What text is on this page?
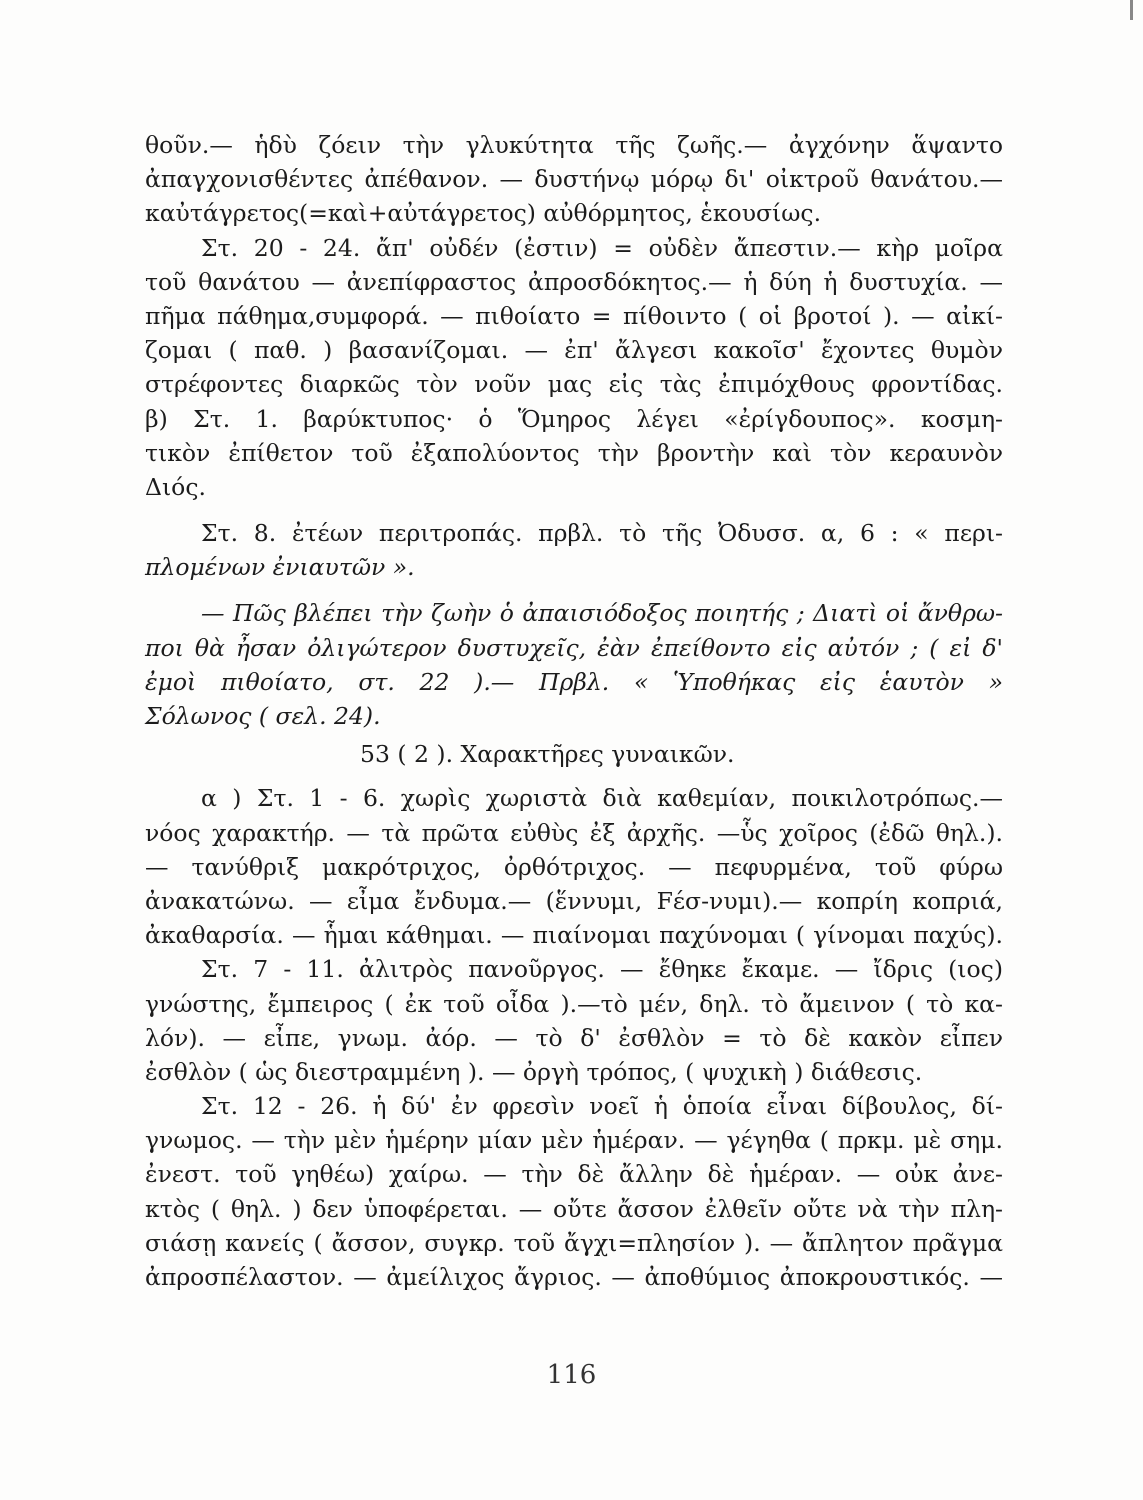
θοῦν.— ἡδὺ ζόειν τὴν γλυκύτητα τῆς ζωῆς.— ἀγχόνην ἅψαντο
ἀπαγχονισθέντες ἀπέθανον. — δυστήνῳ μόρῳ δι' οἰκτροῦ θανάτου.—
καὐτάγρετος(=καὶ+αὐτάγρετος) αὐθόρμητος, ἑκουσίως.
Στ. 20 - 24. ἄπ' οὐδέν (ἐστιν) = οὐδὲν ἄπεστιν.— κὴρ μοῖρα
τοῦ θανάτου — ἀνεπίφραστος ἀπροσδόκητος.— ἡ δύη ἡ δυστυχία. —
πῆμα πάθημα,συμφορά. — πιθοίατο = πίθοιντο ( οἱ βροτοί ). — αἰκί-
ζομαι ( παθ. ) βασανίζομαι. — ἐπ' ἄλγεσι κακοῖσ' ἔχοντες θυμὸν
στρέφοντες διαρκῶς τὸν νοῦν μας εἰς τὰς ἐπιμόχθους φροντίδας.
β) Στ. 1. βαρύκτυπος· ὁ Ὅμηρος λέγει «ἐρίγδουπος». κοσμη-
τικὸν ἐπίθετον τοῦ ἐξαπολύοντος τὴν βροντὴν καὶ τὸν κεραυνὸν
Διός.
Στ. 8. ἐτέων περιτροπάς. πρβλ. τὸ τῆς Ὀδυσσ. α, 6 : « περι-
πλομένων ἐνιαυτῶν ».
— Πῶς βλέπει τὴν ζωὴν ὁ ἀπαισιόδοξος ποιητής ; Διατὶ οἱ ἄνθρω-
ποι θὰ ἦσαν ὀλιγώτερον δυστυχεῖς, ἐὰν ἐπείθοντο εἰς αὐτόν ; ( εἰ δ'
ἐμοὶ πιθοίατο, στ. 22 ).— Πρβλ. « Ὑποθήκας εἰς ἑαυτὸν »
Σόλωνος ( σελ. 24).
53 ( 2 ). Χαρακτῆρες γυναικῶν.
α ) Στ. 1 - 6. χωρὶς χωριστὰ διὰ καθεμίαν, ποικιλοτρόπως.—
νόος χαρακτήρ. — τὰ πρῶτα εὐθὺς ἐξ ἀρχῆς. —ὗς χοῖρος (ἐδῶ θηλ.).
— τανύθριξ μακρότριχος, ὀρθότριχος. — πεφυρμένα, τοῦ φύρω
ἀνακατώνω. — εἶμα ἔνδυμα.— (ἕννυμι, Fέσ-νυμι).— κοπρίη κοπριά,
ἀκαθαρσία. — ἧμαι κάθημαι. — πιαίνομαι παχύνομαι ( γίνομαι παχύς).
Στ. 7 - 11. ἀλιτρὸς πανοῦργος. — ἔθηκε ἔκαμε. — ἴδρις (ιος)
γνώστης, ἔμπειρος ( ἐκ τοῦ οἶδα ).—τὸ μέν, δηλ. τὸ ἄμεινον ( τὸ κα-
λόν). — εἶπε, γνωμ. ἀόρ. — τὸ δ' ἐσθλὸν = τὸ δὲ κακὸν εἶπεν
ἐσθλὸν ( ὡς διεστραμμένη ). — ὀργὴ τρόπος, ( ψυχικὴ ) διάθεσις.
Στ. 12 - 26. ἡ δύ' ἐν φρεσὶν νοεῖ ἡ ὁποία εἶναι δίβουλος, δί-
γνωμος. — τὴν μὲν ἡμέρην μίαν μὲν ἡμέραν. — γέγηθα ( πρκμ. μὲ σημ.
ἐνεστ. τοῦ γηθέω) χαίρω. — τὴν δὲ ἄλλην δὲ ἡμέραν. — οὐκ ἀνε-
κτὸς ( θηλ. ) δεν ὑποφέρεται. — οὔτε ἄσσον ἐλθεῖν οὔτε νὰ τὴν πλη-
σιάσῃ κανείς ( ἄσσον, συγκρ. τοῦ ἄγχι=πλησίον ). — ἄπλητον πρᾶγμα
ἀπροσπέλαστον. — ἀμείλιχος ἄγριος. — ἀποθύμιος ἀποκρουστικός. —
116
